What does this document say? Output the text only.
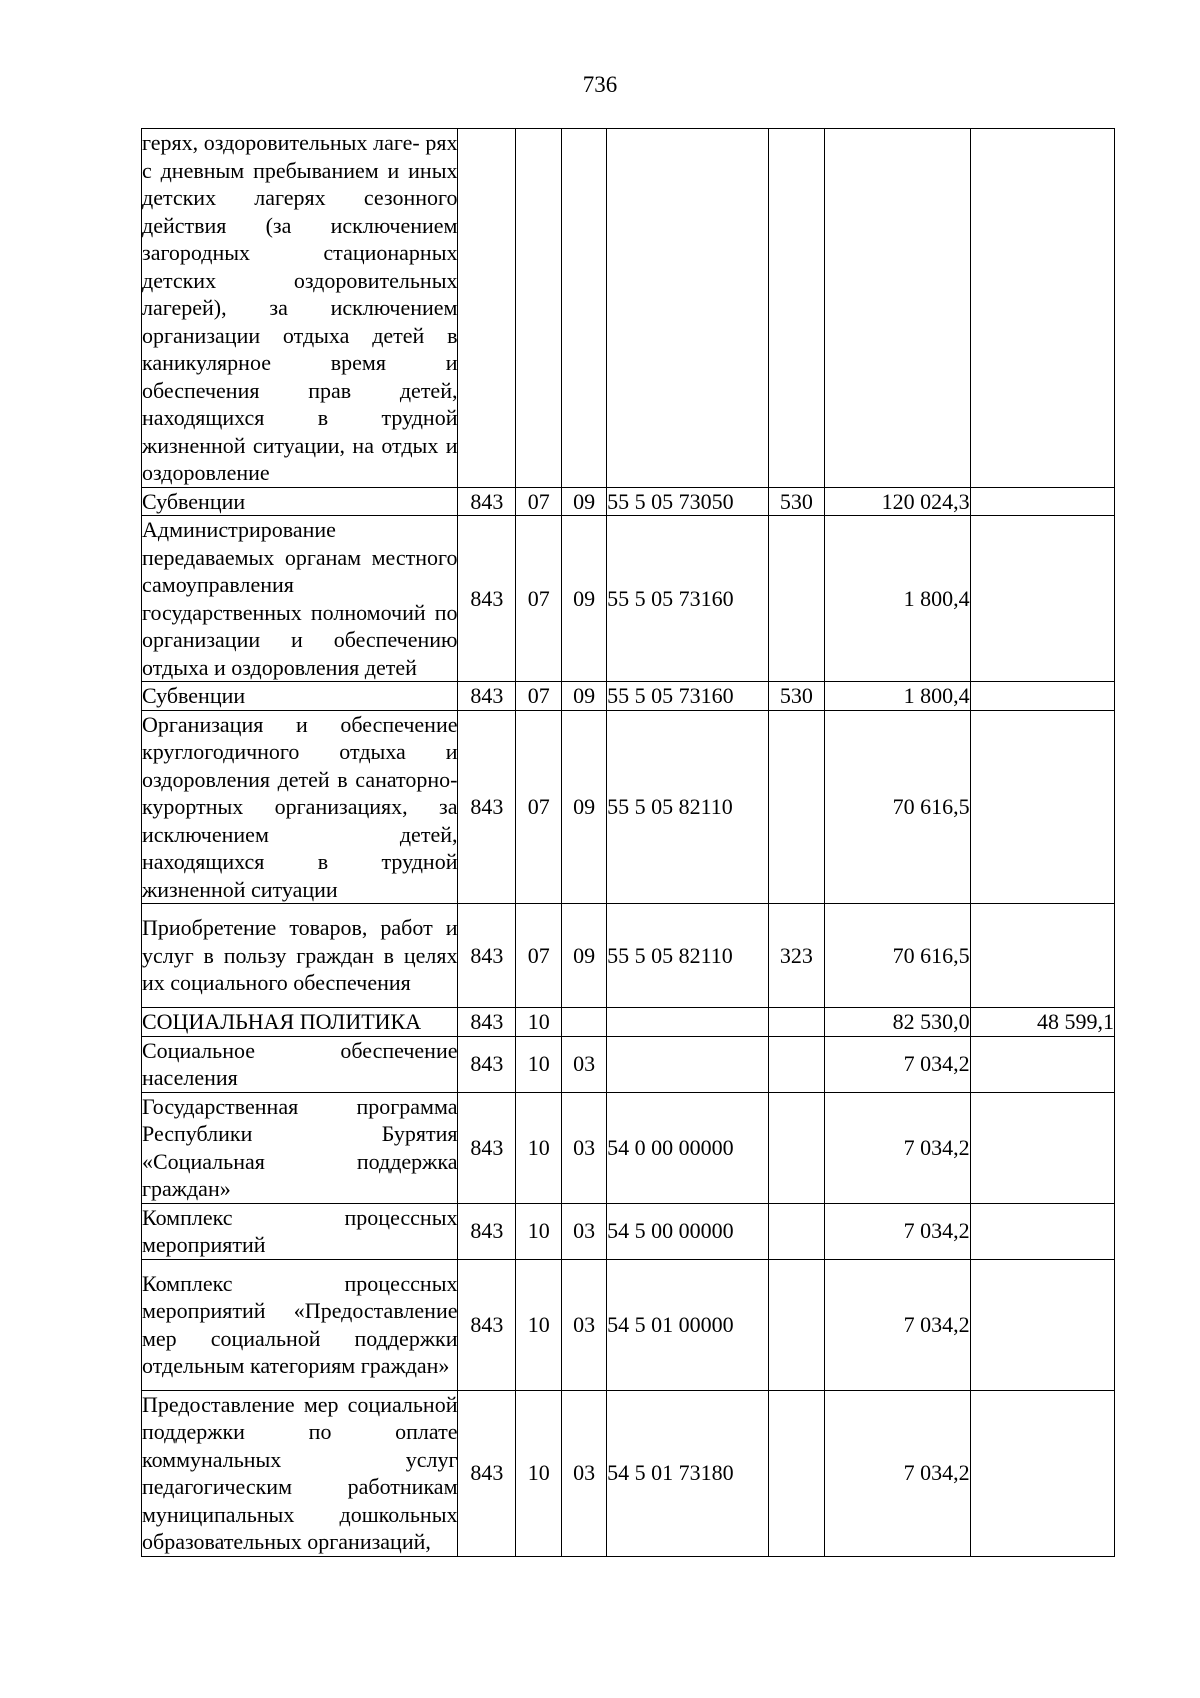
736
герях, оздоровительных лаге- рях с дневным пребыванием и иных детских лагерях сезонного действия (за исключением загородных стационарных детских оздоровительных лагерей), за исключением организации отдыха детей в каникулярное время и обеспечения прав детей, находящихся в трудной жизненной ситуации, на отдых и оздоровление							
Субвенции	843	07	09	55 5 05 73050	530	120 024,3	
Администрирование передаваемых органам местного самоуправления государственных полномочий по организации и обеспечению отдыха и оздоровления детей	843	07	09	55 5 05 73160		1 800,4	
Субвенции	843	07	09	55 5 05 73160	530	1 800,4	
Организация и обеспечение круглогодичного отдыха и оздоровления детей в санаторно-курортных организациях, за исключением детей, находящихся в трудной жизненной ситуации	843	07	09	55 5 05 82110		70 616,5	
Приобретение товаров, работ и услуг в пользу граждан в целях их социального обеспечения	843	07	09	55 5 05 82110	323	70 616,5	
СОЦИАЛЬНАЯ ПОЛИТИКА	843	10				82 530,0	48 599,1
Социальное обеспечение населения	843	10	03			7 034,2	
Государственная программа Республики Бурятия «Социальная поддержка граждан»	843	10	03	54 0 00 00000		7 034,2	
Комплекс процессных мероприятий	843	10	03	54 5 00 00000		7 034,2	
Комплекс процессных мероприятий «Предоставление мер социальной поддержки отдельным категориям граждан»	843	10	03	54 5 01 00000		7 034,2	
Предоставление мер социальной поддержки по оплате коммунальных услуг педагогическим работникам муниципальных дошкольных образовательных организаций,	843	10	03	54 5 01 73180		7 034,2	
